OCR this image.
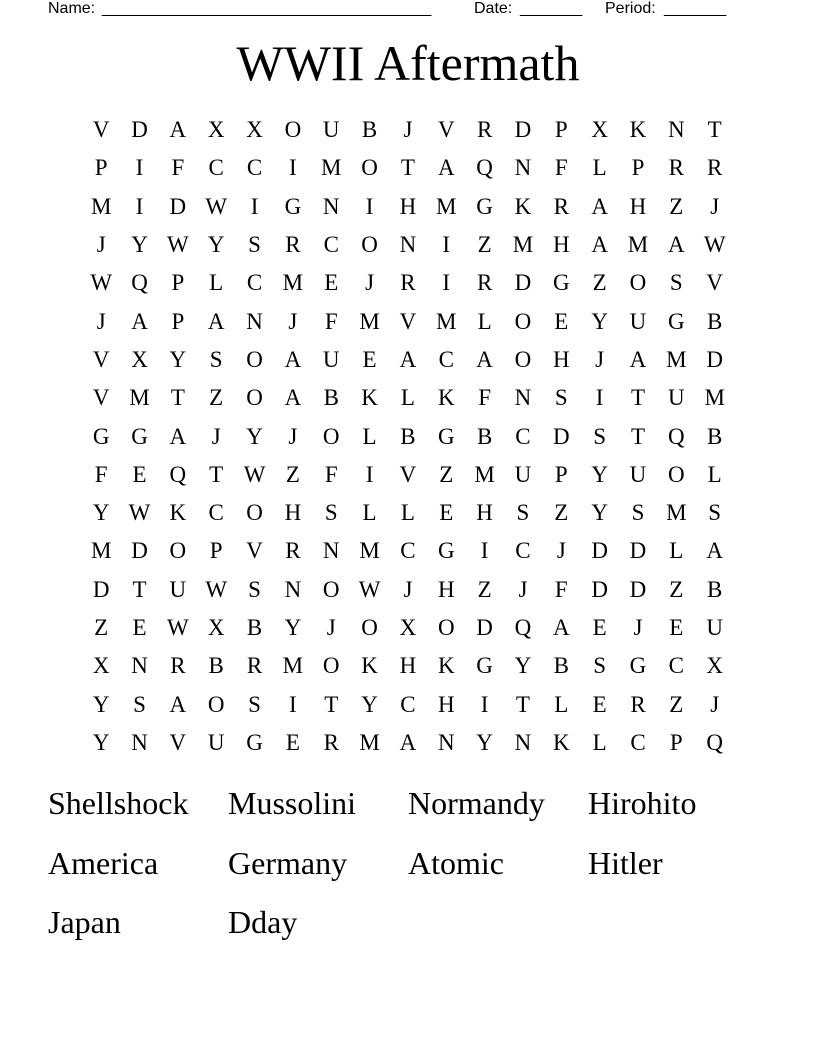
Name: _____________________________________	Date: _______ Period: _______
WWII Aftermath
V D A X X O U B	J	V R D	P	X K N	T
P	I	F	C	C	I	M O	T	A Q N	F	L	P	R	R
M	I	D W	I	G N	I	H M G K R A H	Z	J
J	Y W Y	S	R	C O N	I	Z M H A M A W
W Q	P	L	C M E	J	R	I	R D G	Z	O	S	V
J	A	P	A N	J	F M V M L	O	E	Y U G B
V X Y	S	O A U	E	A C A O H	J	A M D
V M T	Z	O A B K	L	K	F	N	S	I	T	U M
G G A	J	Y	J	O	L	B G B	C D	S	T	Q B
F	E	Q	T W Z	F	I	V	Z M U	P	Y U O	L
Y W K C O H	S	L	L	E	H	S	Z	Y	S M S
M D O	P	V R N M C G	I	C	J	D D	L	A
D	T	U W S	N O W	J	H	Z	J	F	D D	Z	B
Z	E W X B Y	J	O X O D Q A	E	J	E	U
X N R	B	R M O K H K G Y B	S	G C X
Y	S	A O	S	I	T	Y C H	I	T	L	E	R	Z	J
Y N V U G	E	R M A N Y N K	L	C	P	Q
Shellshock	Mussolini	Normandy	Hirohito
America	Germany	Atomic	Hitler
Japan	Dday
